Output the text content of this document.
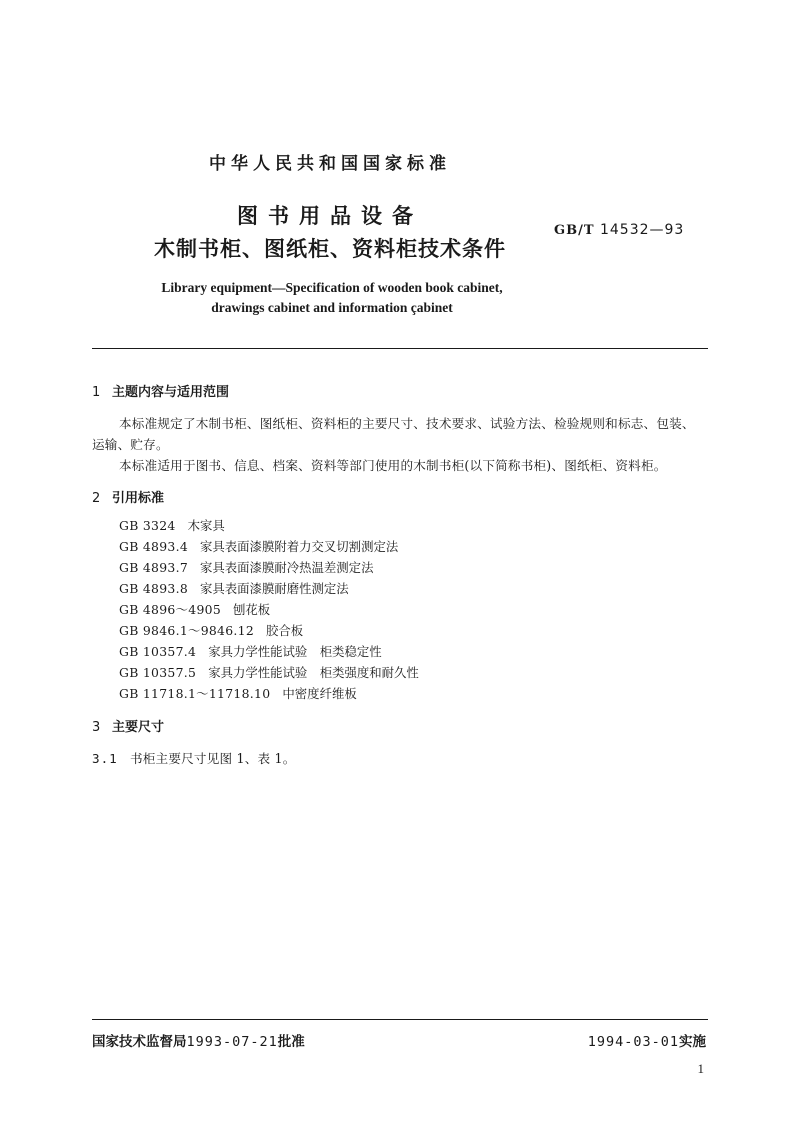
中华人民共和国国家标准
图书用品设备
木制书柜、图纸柜、资料柜技术条件
GB/T 14532—93
Library equipment—Specification of wooden book cabinet,
drawings cabinet and information çabinet
1 主题内容与适用范围
本标准规定了木制书柜、图纸柜、资料柜的主要尺寸、技术要求、试验方法、检验规则和标志、包装、
运输、贮存。
本标准适用于图书、信息、档案、资料等部门使用的木制书柜(以下简称书柜)、图纸柜、资料柜。
2 引用标准
GB 3324 木家具
GB 4893.4 家具表面漆膜附着力交叉切割测定法
GB 4893.7 家具表面漆膜耐冷热温差测定法
GB 4893.8 家具表面漆膜耐磨性测定法
GB 4896～4905 刨花板
GB 9846.1～9846.12 胶合板
GB 10357.4 家具力学性能试验　柜类稳定性
GB 10357.5 家具力学性能试验　柜类强度和耐久性
GB 11718.1～11718.10 中密度纤维板
3 主要尺寸
3.1 书柜主要尺寸见图 1、表 1。
国家技术监督局1993-07-21批准	1994-03-01实施
1
